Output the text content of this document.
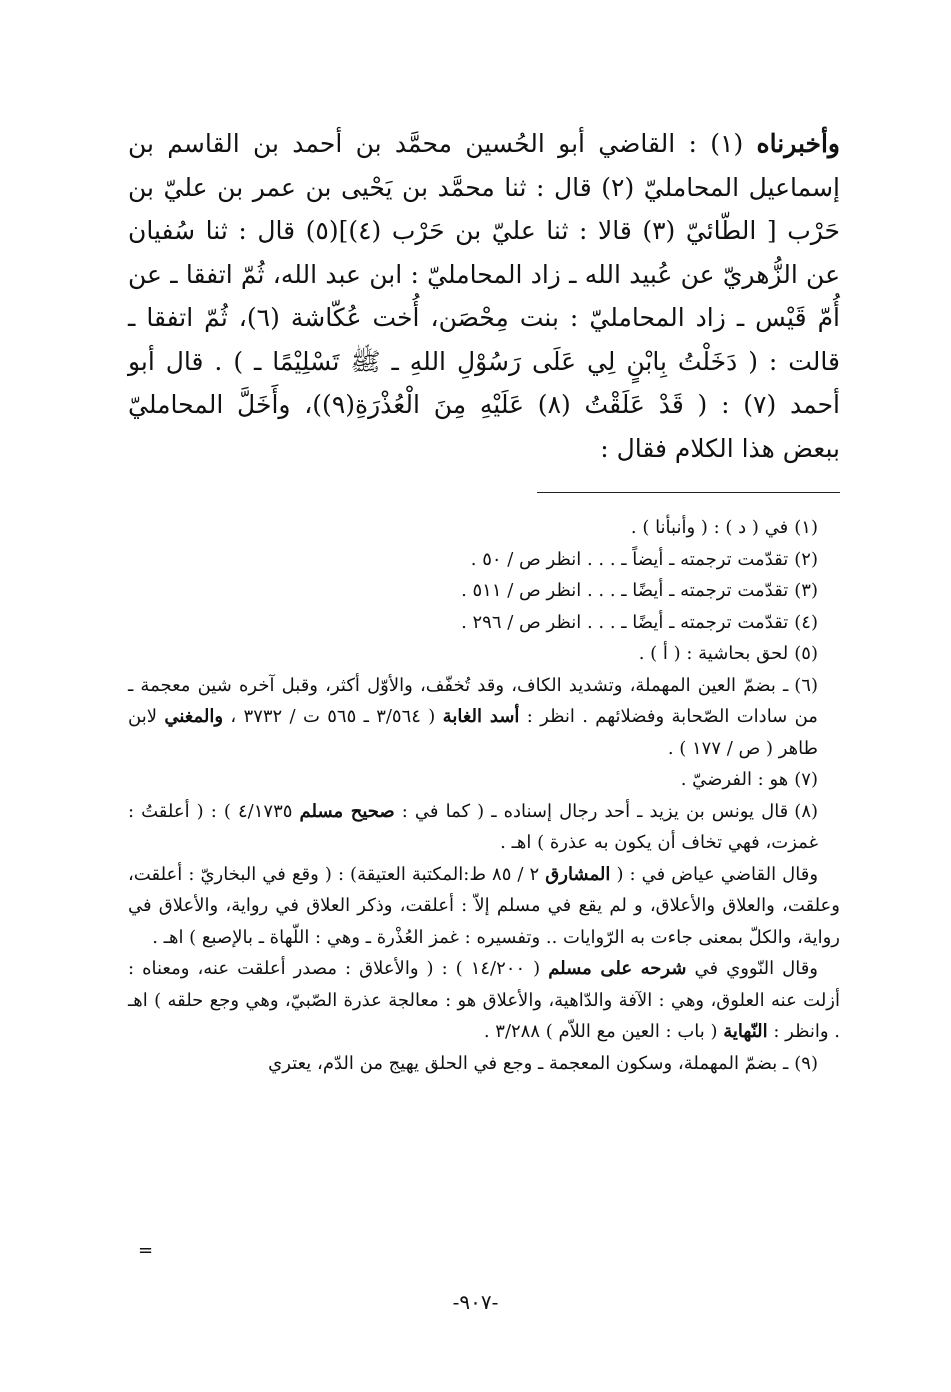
وأخبرناه (١) : القاضي أبو الحُسين محمَّد بن أحمد بن القاسم بن إسماعيل المحامليّ (٢) قال : ثنا محمَّد بن يَحْيى بن عمر بن عليّ بن حَرْب [ الطّائيّ (٣) قالا : ثنا عليّ بن حَرْب (٤)](٥) قال : ثنا سُفيان عن الزُّهريّ عن عُبيد الله ـ زاد المحامليّ : ابن عبد الله، ثُمّ اتفقا ـ عن أُمّ قَيْس ـ زاد المحامليّ : بنت مِحْصَن، أُخت عُكّاشة (٦)، ثُمّ اتفقا ـ قالت : ( دَخَلْتُ بِابْنٍ لِي عَلَى رَسُوْلِ اللهِ ـ ﷺ تَسْلِيْمًا ـ ) . قال أبو أحمد (٧) : ( قَدْ عَلَقْتُ (٨) عَلَيْهِ مِنَ الْعُذْرَةِ(٩))، وأَخَلَّ المحامليّ ببعض هذا الكلام فقال :

(١)في ( د ) : ( وأنبأنا ) .

(٢)تقدّمت ترجمته ـ أيضاً ـ . . . انظر ص / ٥٠ .

(٣)تقدّمت ترجمته ـ أيضًا ـ . . . انظر ص / ٥١١ .

(٤)تقدّمت ترجمته ـ أيضًا ـ . . . انظر ص / ٢٩٦ .

(٥)لحق بحاشية : ( أ ) .

(٦)ـ بضمّ العين المهملة، وتشديد الكاف، وقد تُخفّف، والأوّل أكثر، وقبل آخره شين معجمة ـ من سادات الصّحابة وفضلائهم . انظر : أسد الغابة ( ٣/٥٦٤ ـ ٥٦٥ ت / ٣٧٣٢ ، والمغني لابن طاهر ( ص / ١٧٧ ) .

(٧)هو : الفرضيّ .

(٨)قال يونس بن يزيد ـ أحد رجال إسناده ـ ( كما في : صحيح مسلم ٤/١٧٣٥ ) : ( أعلقتُ : غمزت، فهي تخاف أن يكون به عذرة ) اهـ .

وقال القاضي عياض في : ( المشارق ٢ / ٨٥ ط:المكتبة العتيقة) : ( وقع في البخاريّ : أعلقت، وعلقت، والعلاق والأعلاق، و لم يقع في مسلم إلاّ : أعلقت، وذكر العلاق في رواية، والأعلاق في رواية، والكلّ بمعنى جاءت به الرّوايات .. وتفسيره : غمز العُذْرة ـ وهي : اللّهاة ـ بالإصبع ) اهـ .

وقال النّووي في شرحه على مسلم ( ١٤/٢٠٠ ) : ( والأعلاق : مصدر أعلقت عنه، ومعناه : أزلت عنه العلوق، وهي : الآفة والدّاهية، والأعلاق هو : معالجة عذرة الصّبيّ، وهي وجع حلقه ) اهـ . وانظر : النّهاية ( باب : العين مع اللاّم ) ٣/٢٨٨ .

(٩)ـ بضمّ المهملة، وسكون المعجمة ـ وجع في الحلق يهيج من الدّم، يعتري

=
-٩٠٧-
